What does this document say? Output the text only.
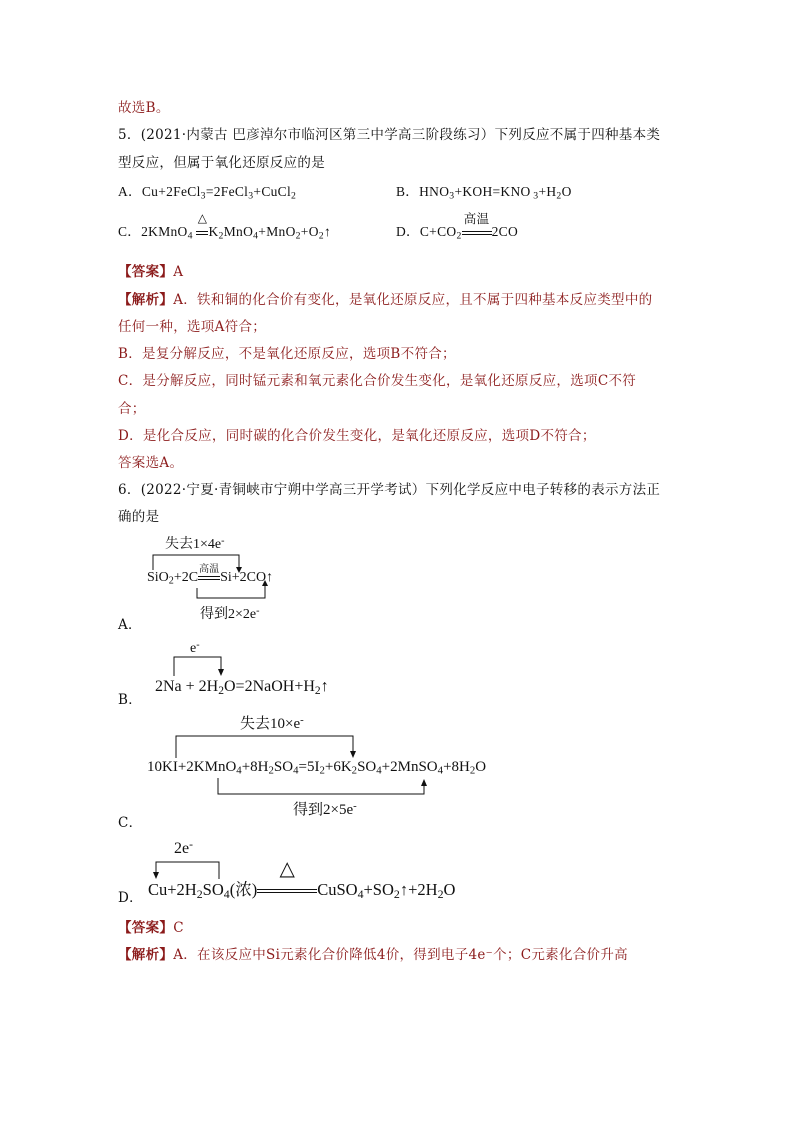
故选B。
5．(2021·内蒙古 巴彦淖尔市临河区第三中学高三阶段练习）下列反应不属于四种基本类
型反应，但属于氧化还原反应的是
A．Cu+2FeCl$_3$=2FeCl$_3$+CuCl$_2$	B．$HNO_3+KOH=KNO$ $_3+H_2O$
C．2KMnO$_4$
△
$K_2MnO_4+MnO_2+O_2↑$	D．$C+CO_2$
高温
2CO
【答案】A
【解析】A．铁和铜的化合价有变化，是氧化还原反应，且不属于四种基本反应类型中的
任何一种，选项A符合；
B．是复分解反应，不是氧化还原反应，选项B不符合；
C．是分解反应，同时锰元素和氧元素化合价发生变化，是氧化还原反应，选项C不符
合；
D．是化合反应，同时碳的化合价发生变化，是氧化还原反应，选项D不符合；
答案选A。
6．(2022·宁夏·青铜峡市宁朔中学高三开学考试）下列化学反应中电子转移的表示方法正
确的是
失去1×4e-
SiO$_2$+2C
高温
Si+2CO↑
得到2×2e-
A．
e-
$2Na + 2H_2O=2NaOH+H_2↑$
B．
失去10×e-
$10KI+2KMnO_4+8H_2SO_4=5I_2+6K_2SO_4+2MnSO_4+8H_2O$
得到2×5e-
C．
2e-
$Cu+2H_2SO_4$(浓)
△
$CuSO_4+SO_2↑+2H_2O$
D．
【答案】C
【解析】A．在该反应中Si元素化合价降低4价，得到电子4e⁻个；C元素化合价升高
